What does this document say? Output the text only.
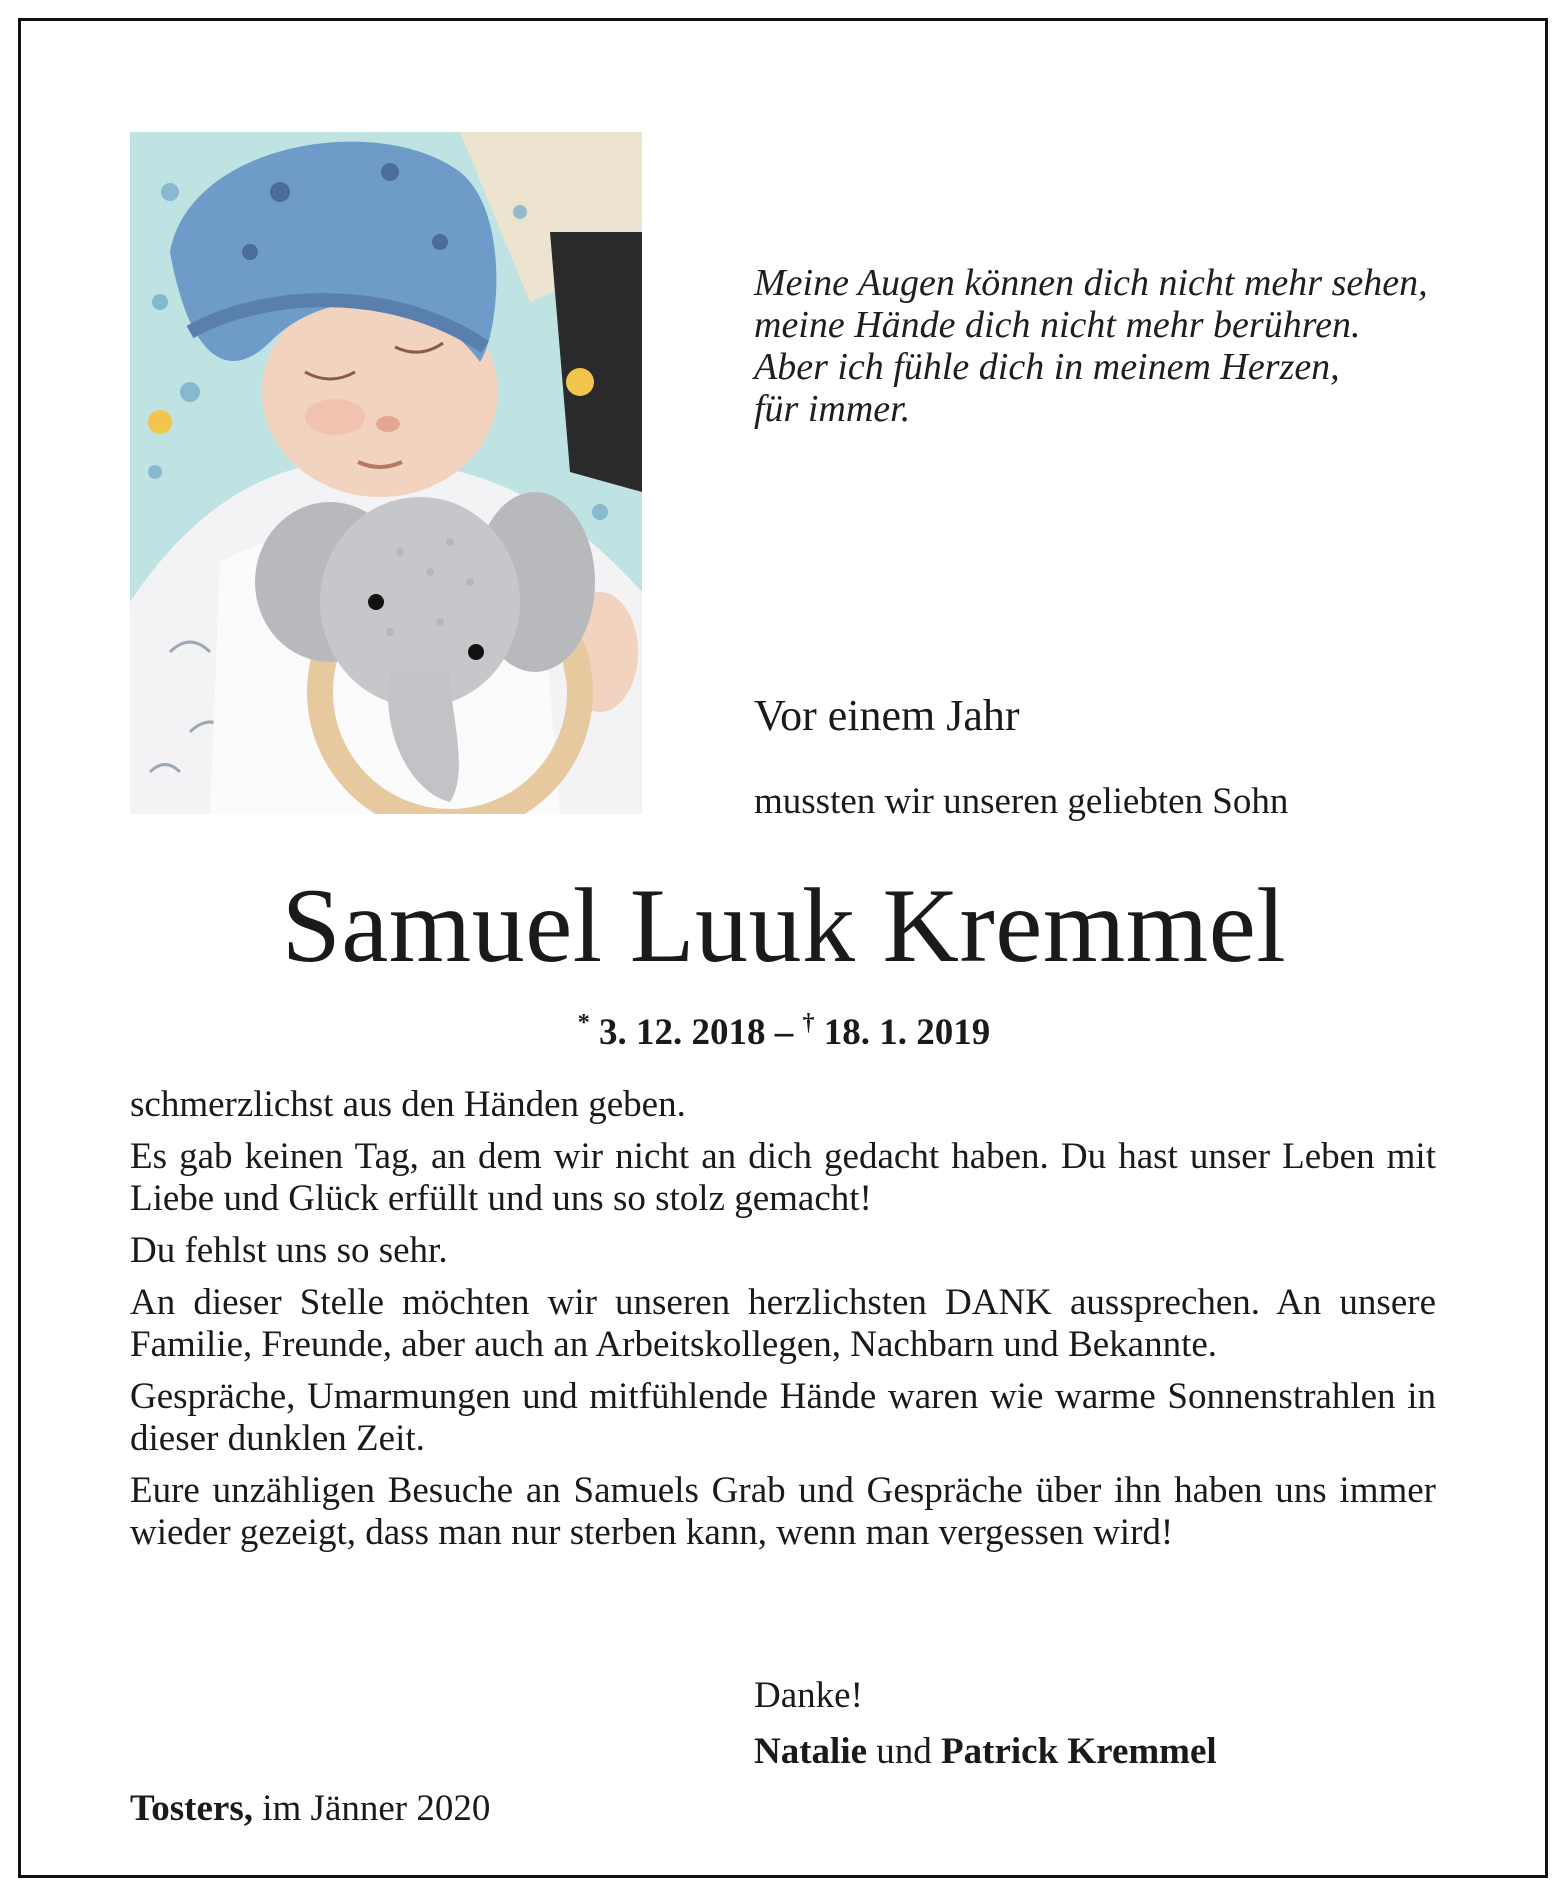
Meine Augen können dich nicht mehr sehen,
meine Hände dich nicht mehr berühren.
Aber ich fühle dich in meinem Herzen,
für immer.
Vor einem Jahr
mussten wir unseren geliebten Sohn
Samuel Luuk Kremmel
* 3. 12. 2018 – † 18. 1. 2019

schmerzlichst aus den Händen geben.

Es gab keinen Tag, an dem wir nicht an dich gedacht haben. Du hast unser Leben mit Liebe und Glück erfüllt und uns so stolz gemacht!

Du fehlst uns so sehr.

An dieser Stelle möchten wir unseren herzlichsten DANK aussprechen. An unsere Familie, Freunde, aber auch an Arbeitskollegen, Nachbarn und Bekannte.

Gespräche, Umarmungen und mitfühlende Hände waren wie warme Sonnenstrahlen in dieser dunklen Zeit.

Eure unzähligen Besuche an Samuels Grab und Gespräche über ihn haben uns immer wieder gezeigt, dass man nur sterben kann, wenn man vergessen wird!

Danke!
Natalie und Patrick Kremmel
Tosters, im Jänner 2020
